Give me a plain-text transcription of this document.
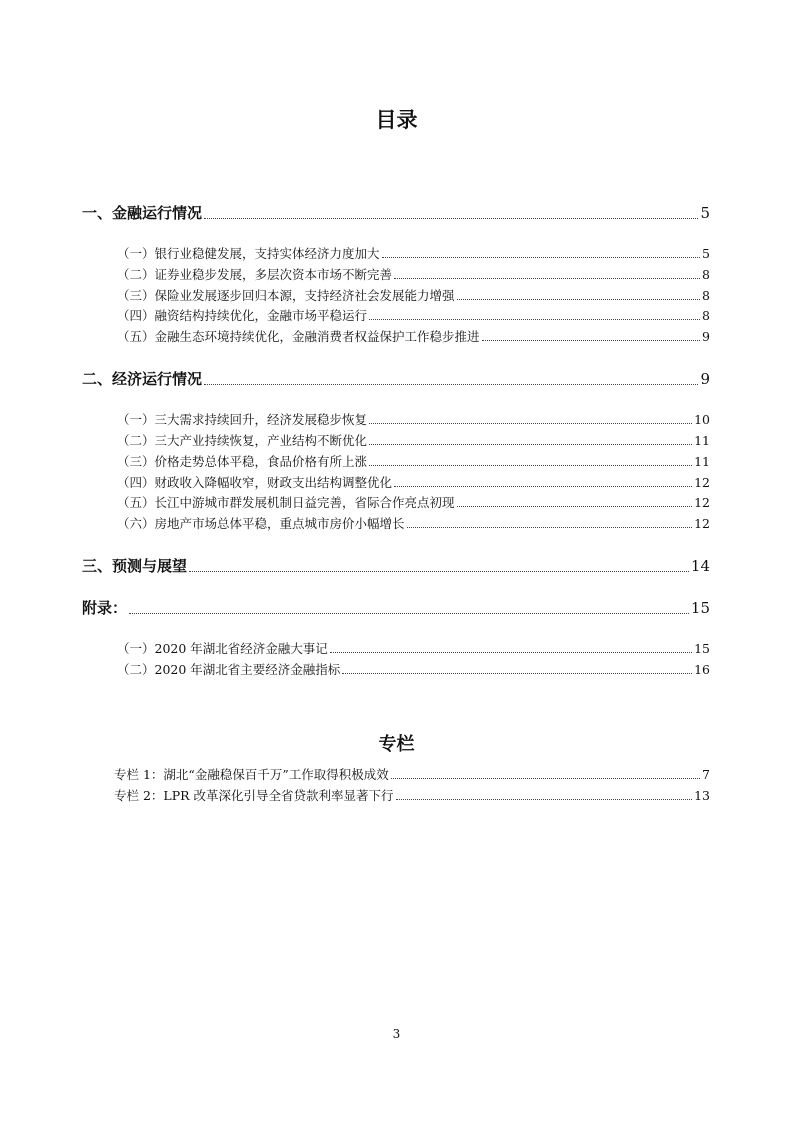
目录
一、金融运行情况	5
（一）银行业稳健发展，支持实体经济力度加大	5
（二）证券业稳步发展，多层次资本市场不断完善	8
（三）保险业发展逐步回归本源，支持经济社会发展能力增强	8
（四）融资结构持续优化，金融市场平稳运行	8
（五）金融生态环境持续优化，金融消费者权益保护工作稳步推进	9
二、经济运行情况	9
（一）三大需求持续回升，经济发展稳步恢复	10
（二）三大产业持续恢复，产业结构不断优化	11
（三）价格走势总体平稳，食品价格有所上涨	11
（四）财政收入降幅收窄，财政支出结构调整优化	12
（五）长江中游城市群发展机制日益完善，省际合作亮点初现	12
（六）房地产市场总体平稳，重点城市房价小幅增长	12
三、预测与展望	14
附录：	15
（一）2020 年湖北省经济金融大事记	15
（二）2020 年湖北省主要经济金融指标	16
专栏
专栏 1：湖北“金融稳保百千万”工作取得积极成效	7
专栏 2：LPR 改革深化引导全省贷款利率显著下行	13
3
